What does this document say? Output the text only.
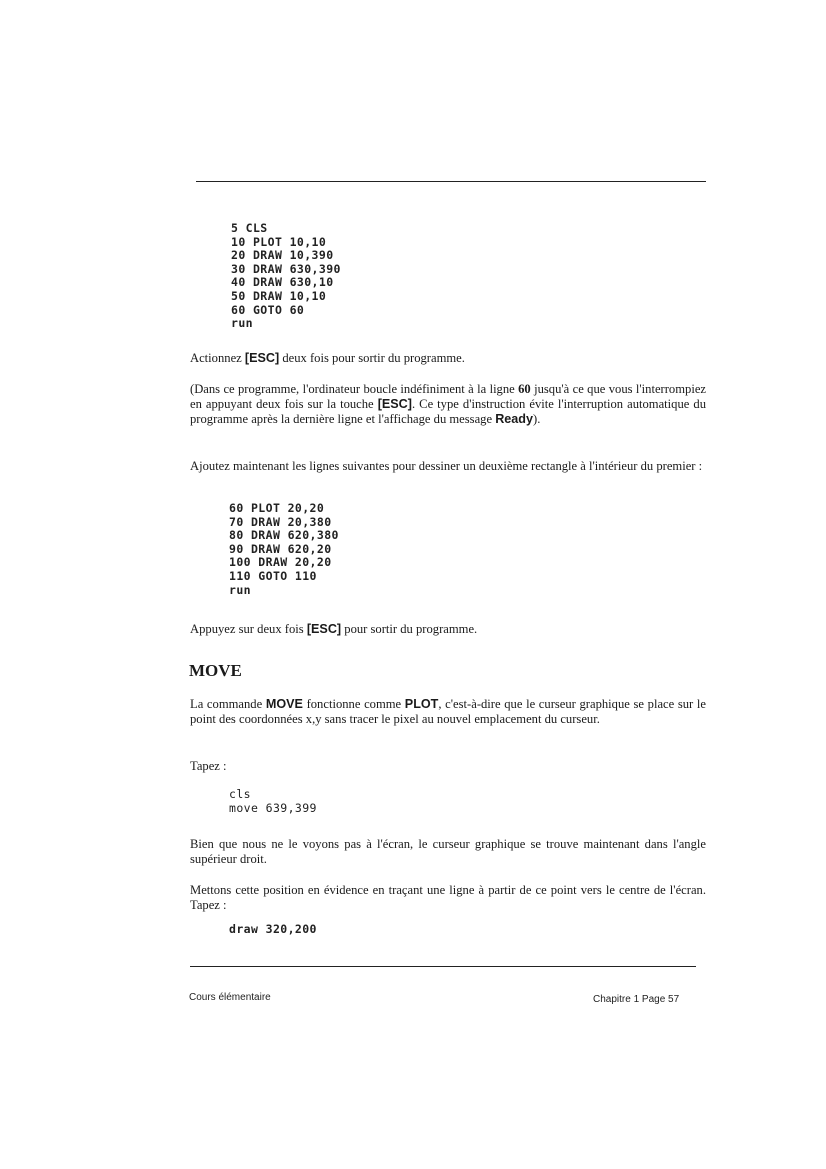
5 CLS
10 PLOT 10,10
20 DRAW 10,390
30 DRAW 630,390
40 DRAW 630,10
50 DRAW 10,10
60 GOTO 60
run

Actionnez [ESC] deux fois pour sortir du programme.

(Dans ce programme, l'ordinateur boucle indéfiniment à la ligne 60 jusqu'à ce que vous l'interrompiez en appuyant deux fois sur la touche [ESC]. Ce type d'instruction évite l'interruption automatique du programme après la dernière ligne et l'affichage du message Ready).

Ajoutez maintenant les lignes suivantes pour dessiner un deuxième rectangle à l'intérieur du premier :

60 PLOT 20,20
70 DRAW 20,380
80 DRAW 620,380
90 DRAW 620,20
100 DRAW 20,20
110 GOTO 110
run

Appuyez sur deux fois [ESC] pour sortir du programme.

MOVE

La commande MOVE fonctionne comme PLOT, c'est-à-dire que le curseur graphique se place sur le point des coordonnées x,y sans tracer le pixel au nouvel emplacement du curseur.

Tapez :

cls
move 639,399

Bien que nous ne le voyons pas à l'écran, le curseur graphique se trouve maintenant dans l'angle supérieur droit.

Mettons cette position en évidence en traçant une ligne à partir de ce point vers le centre de l'écran. Tapez :

draw 320,200
Cours élémentaire	Chapitre 1 Page 57
